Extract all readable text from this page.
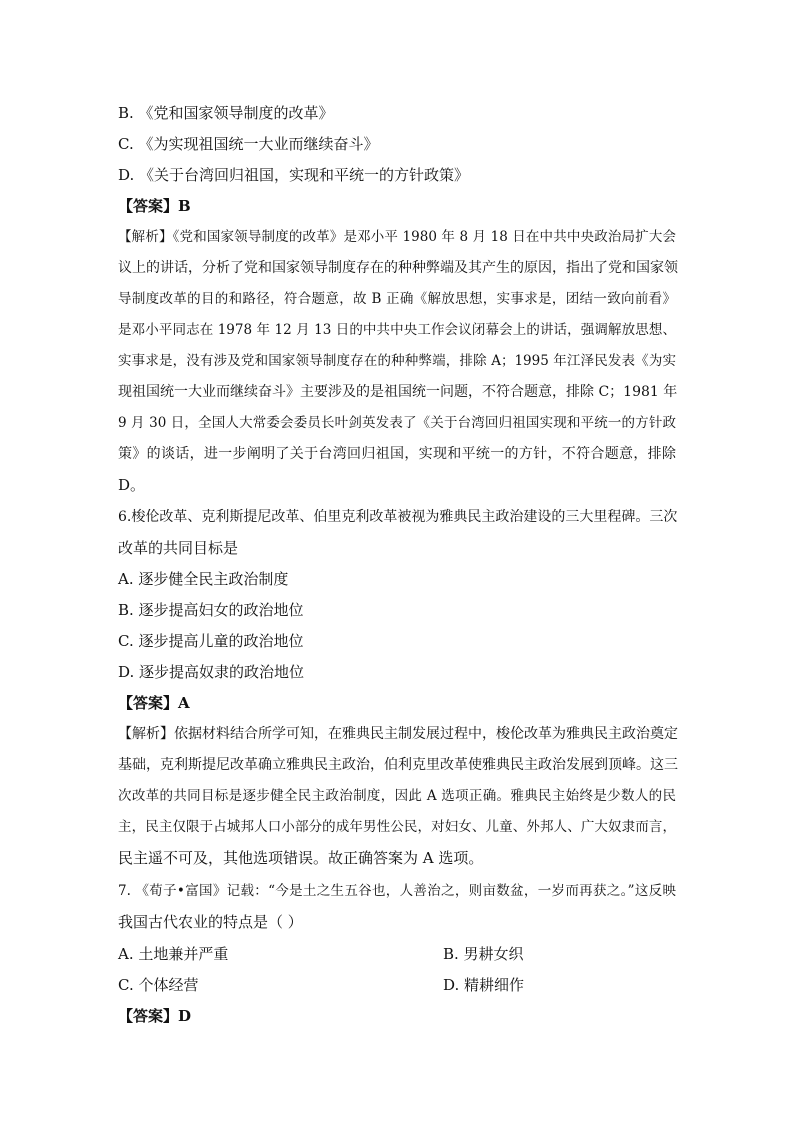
B. 《党和国家领导制度的改革》
C. 《为实现祖国统一大业而继续奋斗》
D. 《关于台湾回归祖国，实现和平统一的方针政策》
【答案】B
【解析】《党和国家领导制度的改革》是邓小平 1980 年 8 月 18 日在中共中央政治局扩大会
议上的讲话，分析了党和国家领导制度存在的种种弊端及其产生的原因，指出了党和国家领
导制度改革的目的和路径，符合题意，故 B 正确《解放思想，实事求是，团结一致向前看》
是邓小平同志在 1978 年 12 月 13 日的中共中央工作会议闭幕会上的讲话，强调解放思想、
实事求是，没有涉及党和国家领导制度存在的种种弊端，排除 A；1995 年江泽民发表《为实
现祖国统一大业而继续奋斗》主要涉及的是祖国统一问题，不符合题意，排除 C；1981 年
9 月 30 日，全国人大常委会委员长叶剑英发表了《关于台湾回归祖国实现和平统一的方针政
策》的谈话，进一步阐明了关于台湾回归祖国，实现和平统一的方针，不符合题意，排除
D。
6.梭伦改革、克利斯提尼改革、伯里克利改革被视为雅典民主政治建设的三大里程碑。三次
改革的共同目标是
A. 逐步健全民主政治制度
B. 逐步提高妇女的政治地位
C. 逐步提高儿童的政治地位
D. 逐步提高奴隶的政治地位
【答案】A
【解析】依据材料结合所学可知，在雅典民主制发展过程中，梭伦改革为雅典民主政治奠定
基础，克利斯提尼改革确立雅典民主政治，伯利克里改革使雅典民主政治发展到顶峰。这三
次改革的共同目标是逐步健全民主政治制度，因此 A 选项正确。雅典民主始终是少数人的民
主，民主仅限于占城邦人口小部分的成年男性公民，对妇女、儿童、外邦人、广大奴隶而言，
民主遥不可及，其他选项错误。故正确答案为 A 选项。
7. 《荀子•富国》记载：“今是土之生五谷也，人善治之，则亩数盆，一岁而再获之。”这反映
我国古代农业的特点是（ ）
A. 土地兼并严重	B. 男耕女织
C. 个体经营	D. 精耕细作
【答案】D
